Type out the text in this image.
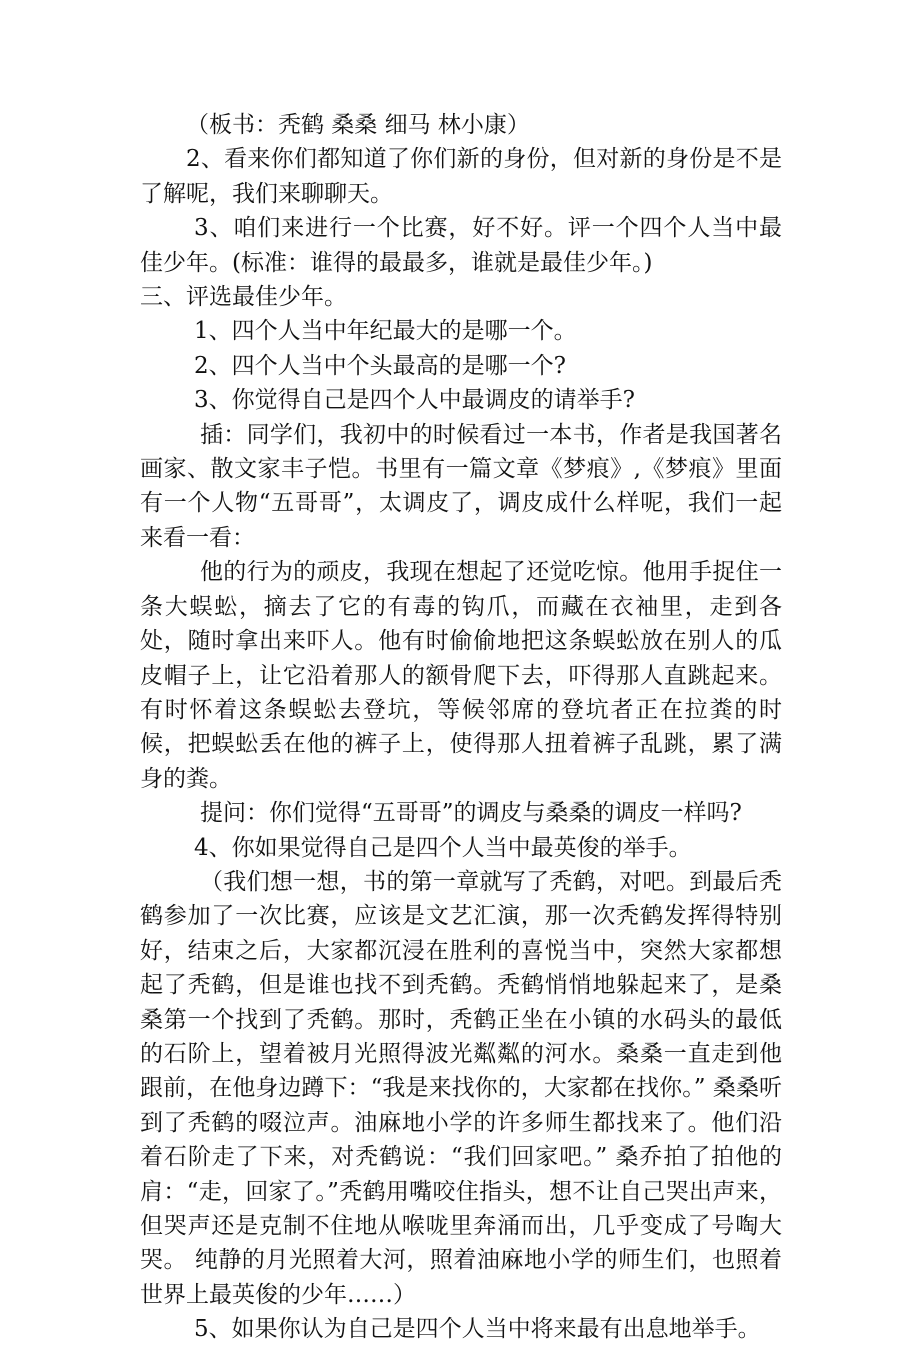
（板书：秃鹤 桑桑 细马 林小康）

2、看来你们都知道了你们新的身份，但对新的身份是不是了解呢，我们来聊聊天。

3、咱们来进行一个比赛，好不好。评一个四个人当中最佳少年。(标准：谁得的最最多，谁就是最佳少年。)

三、评选最佳少年。

1、四个人当中年纪最大的是哪一个。

2、四个人当中个头最高的是哪一个?

3、你觉得自己是四个人中最调皮的请举手?

插：同学们，我初中的时候看过一本书，作者是我国著名画家、散文家丰子恺。书里有一篇文章《梦痕》,《梦痕》里面有一个人物“五哥哥”，太调皮了，调皮成什么样呢，我们一起来看一看：

他的行为的顽皮，我现在想起了还觉吃惊。他用手捉住一条大蜈蚣，摘去了它的有毒的钩爪，而藏在衣袖里，走到各处，随时拿出来吓人。他有时偷偷地把这条蜈蚣放在别人的瓜皮帽子上，让它沿着那人的额骨爬下去，吓得那人直跳起来。有时怀着这条蜈蚣去登坑，等候邻席的登坑者正在拉粪的时候，把蜈蚣丢在他的裤子上，使得那人扭着裤子乱跳，累了满身的粪。

提问：你们觉得“五哥哥”的调皮与桑桑的调皮一样吗?

4、你如果觉得自己是四个人当中最英俊的举手。

（我们想一想，书的第一章就写了秃鹤，对吧。到最后秃鹤参加了一次比赛，应该是文艺汇演，那一次秃鹤发挥得特别好，结束之后，大家都沉浸在胜利的喜悦当中，突然大家都想起了秃鹤，但是谁也找不到秃鹤。秃鹤悄悄地躲起来了，是桑桑第一个找到了秃鹤。那时，秃鹤正坐在小镇的水码头的最低的石阶上，望着被月光照得波光粼粼的河水。桑桑一直走到他跟前，在他身边蹲下：“我是来找你的，大家都在找你。” 桑桑听到了秃鹤的啜泣声。油麻地小学的许多师生都找来了。他们沿着石阶走了下来，对秃鹤说：“我们回家吧。” 桑乔拍了拍他的肩：“走，回家了。”秃鹤用嘴咬住指头，想不让自己哭出声来，但哭声还是克制不住地从喉咙里奔涌而出，几乎变成了号啕大哭。 纯静的月光照着大河，照着油麻地小学的师生们，也照着世界上最英俊的少年……）

5、如果你认为自己是四个人当中将来最有出息地举手。
